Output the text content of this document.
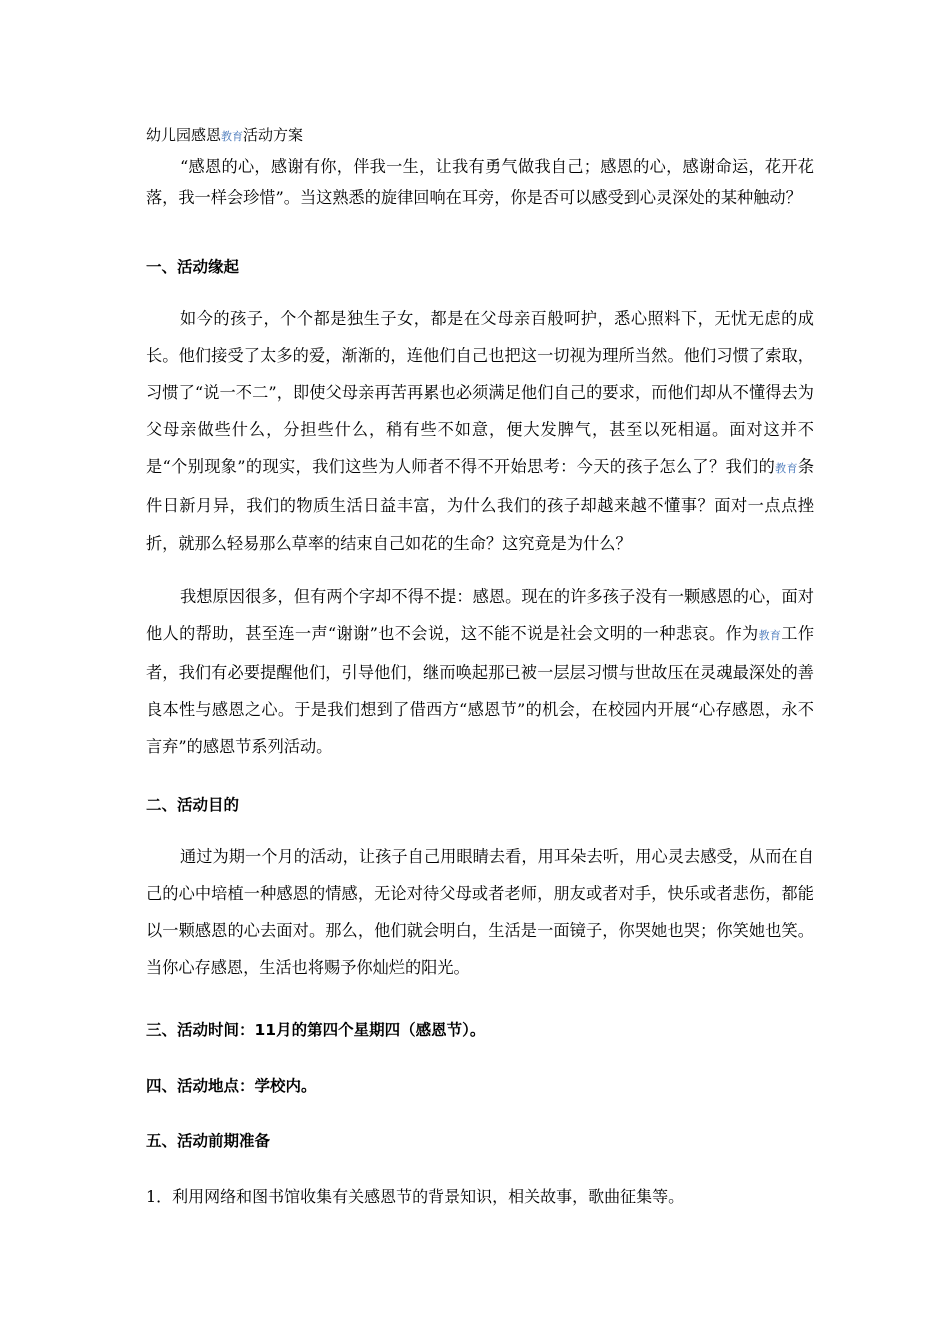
幼儿园感恩教育活动方案

“感恩的心，感谢有你，伴我一生，让我有勇气做我自己；感恩的心，感谢命运，花开花落，我一样会珍惜”。当这熟悉的旋律回响在耳旁，你是否可以感受到心灵深处的某种触动？

一、活动缘起

如今的孩子，个个都是独生子女，都是在父母亲百般呵护，悉心照料下，无忧无虑的成长。他们接受了太多的爱，渐渐的，连他们自己也把这一切视为理所当然。他们习惯了索取，习惯了“说一不二”，即使父母亲再苦再累也必须满足他们自己的要求，而他们却从不懂得去为父母亲做些什么，分担些什么，稍有些不如意，便大发脾气，甚至以死相逼。面对这并不是“个别现象”的现实，我们这些为人师者不得不开始思考：今天的孩子怎么了？我们的教育条件日新月异，我们的物质生活日益丰富，为什么我们的孩子却越来越不懂事？面对一点点挫折，就那么轻易那么草率的结束自己如花的生命？这究竟是为什么？

我想原因很多，但有两个字却不得不提：感恩。现在的许多孩子没有一颗感恩的心，面对他人的帮助，甚至连一声“谢谢”也不会说，这不能不说是社会文明的一种悲哀。作为教育工作者，我们有必要提醒他们，引导他们，继而唤起那已被一层层习惯与世故压在灵魂最深处的善良本性与感恩之心。于是我们想到了借西方“感恩节”的机会，在校园内开展“心存感恩，永不言弃”的感恩节系列活动。

二、活动目的

通过为期一个月的活动，让孩子自己用眼睛去看，用耳朵去听，用心灵去感受，从而在自己的心中培植一种感恩的情感，无论对待父母或者老师，朋友或者对手，快乐或者悲伤，都能以一颗感恩的心去面对。那么，他们就会明白，生活是一面镜子，你哭她也哭；你笑她也笑。当你心存感恩，生活也将赐予你灿烂的阳光。

三、活动时间：11月的第四个星期四（感恩节）。
四、活动地点：学校内。
五、活动前期准备
1．利用网络和图书馆收集有关感恩节的背景知识，相关故事，歌曲征集等。
